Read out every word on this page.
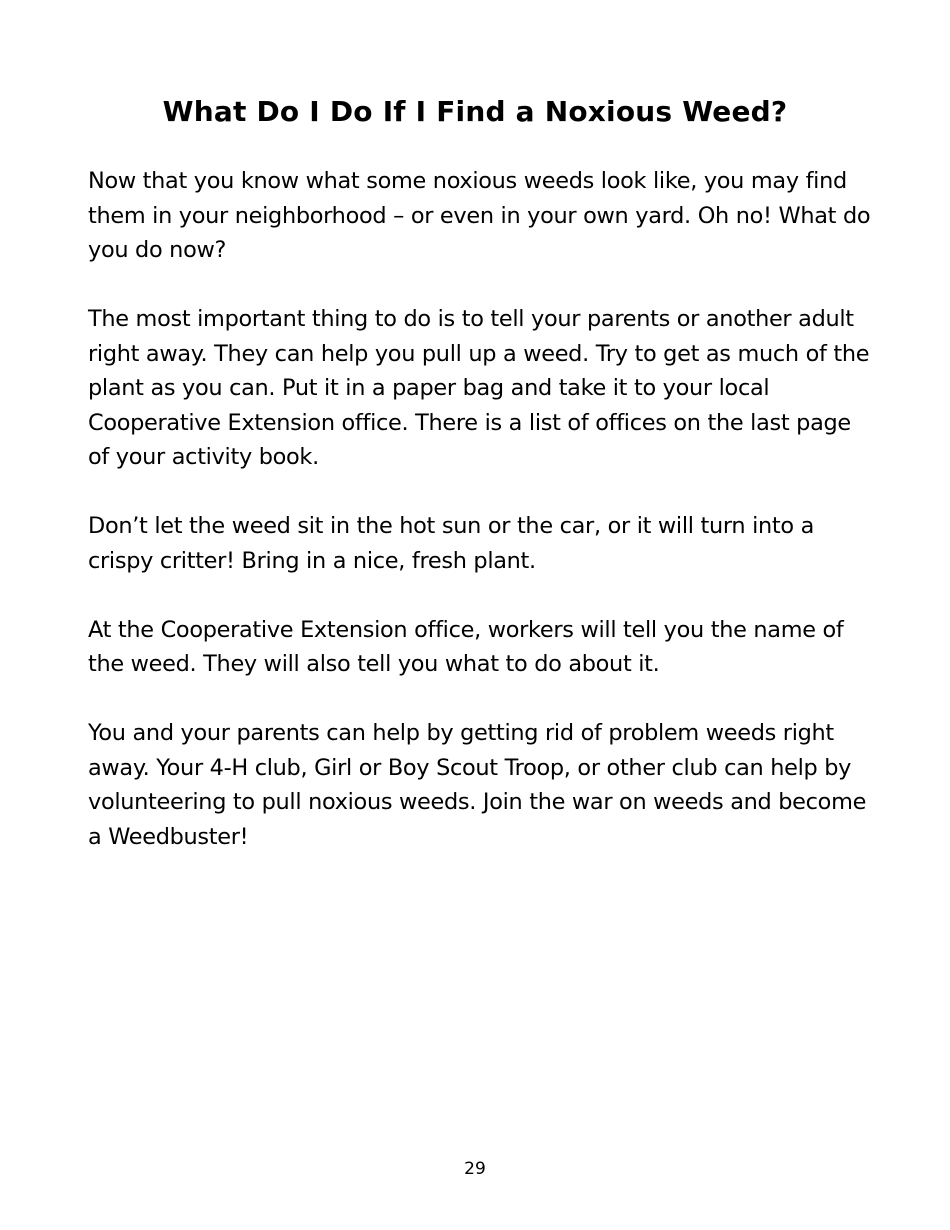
What Do I Do If I Find a Noxious Weed?

Now that you know what some noxious weeds look like, you may find them in your neighborhood – or even in your own yard. Oh no! What do you do now?

The most important thing to do is to tell your parents or another adult right away. They can help you pull up a weed. Try to get as much of the plant as you can. Put it in a paper bag and take it to your local Cooperative Extension office. There is a list of offices on the last page of your activity book.

Don’t let the weed sit in the hot sun or the car, or it will turn into a crispy critter! Bring in a nice, fresh plant.

At the Cooperative Extension office, workers will tell you the name of the weed. They will also tell you what to do about it.

You and your parents can help by getting rid of problem weeds right away. Your 4-H club, Girl or Boy Scout Troop, or other club can help by volunteering to pull noxious weeds. Join the war on weeds and become a Weedbuster!

29
